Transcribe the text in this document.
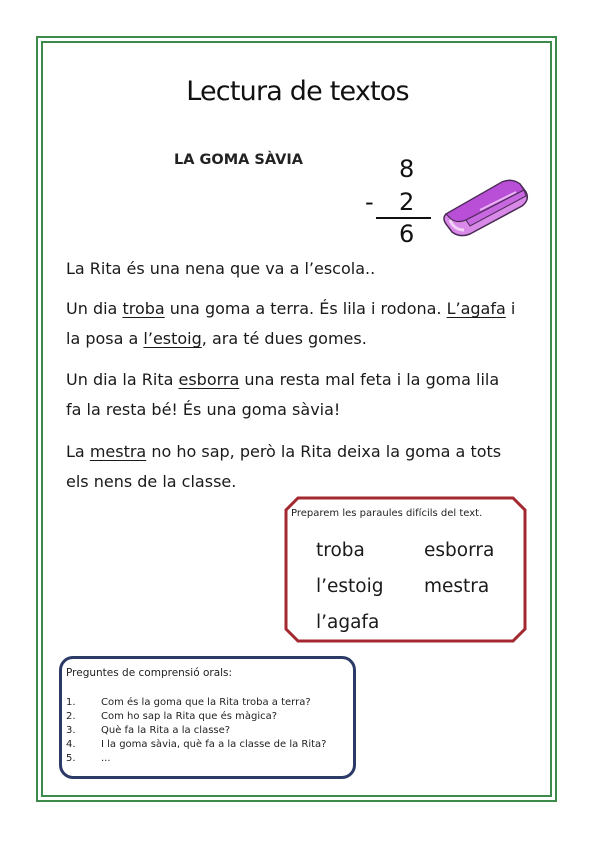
Lectura de textos
LA GOMA SÀVIA	8
- 2
6
La Rita és una nena que va a l’escola..
Un dia troba una goma a terra. És lila i rodona. L’agafa i
la posa a l’estoig, ara té dues gomes.
Un dia la Rita esborra una resta mal feta i la goma lila
fa la resta bé! És una goma sàvia!
La mestra no ho sap, però la Rita deixa la goma a tots
els nens de la classe.
Preparem les paraules difícils del text.
troba	esborra
l’estoig mestra
l’agafa
Preguntes de comprensió orals:
1.	Com és la goma que la Rita troba a terra?
2.	Com ho sap la Rita que és màgica?
3.	Què fa la Rita a la classe?
4.	I la goma sàvia, què fa a la classe de la Rita?
5.	...
